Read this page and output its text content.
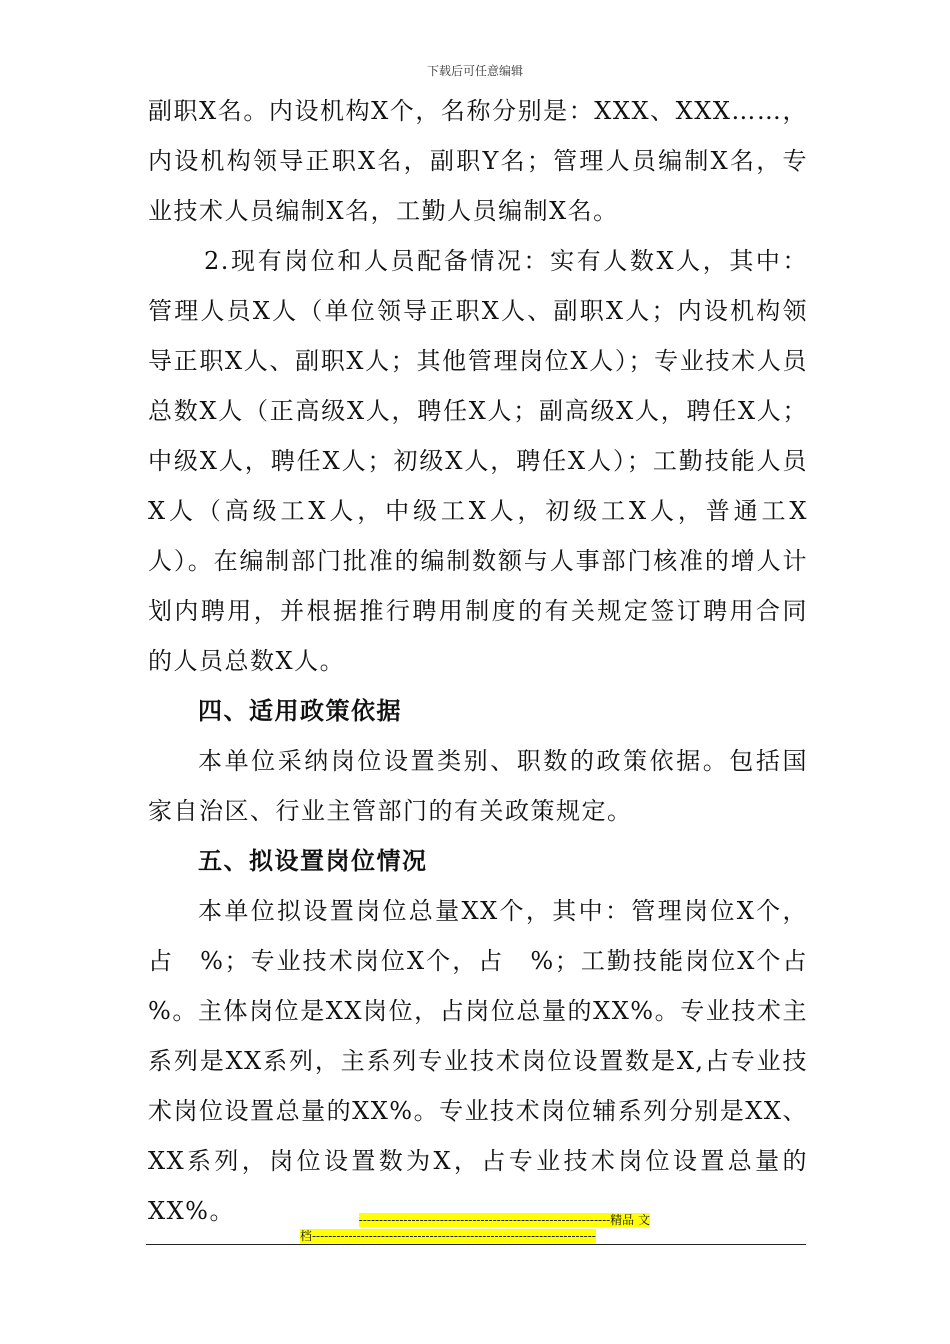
下载后可任意编辑

副职X名。内设机构X个，名称分别是：XXX、XXX……，内设机构领导正职X名，副职Y名；管理人员编制X名，专业技术人员编制X名，工勤人员编制X名。

2.现有岗位和人员配备情况：实有人数X人，其中：管理人员X人（单位领导正职X人、副职X人；内设机构领导正职X人、副职X人；其他管理岗位X人）；专业技术人员总数X人（正高级X人，聘任X人；副高级X人，聘任X人；中级X人，聘任X人；初级X人，聘任X人）；工勤技能人员X人（高级工X人，中级工X人，初级工X人，普通工X人）。在编制部门批准的编制数额与人事部门核准的增人计划内聘用，并根据推行聘用制度的有关规定签订聘用合同的人员总数X人。

四、适用政策依据

本单位采纳岗位设置类别、职数的政策依据。包括国家自治区、行业主管部门的有关政策规定。

五、拟设置岗位情况

本单位拟设置岗位总量XX个，其中：管理岗位X个，占　%；专业技术岗位X个，占　%；工勤技能岗位X个占　%。主体岗位是XX岗位，占岗位总量的XX%。专业技术主系列是XX系列，主系列专业技术岗位设置数是X,占专业技术岗位设置总量的XX%。专业技术岗位辅系列分别是XX、XX系列，岗位设置数为X，占专业技术岗位设置总量的XX%。	--------------------------------------------------------------精品 文
档----------------------------------------------------------------------
